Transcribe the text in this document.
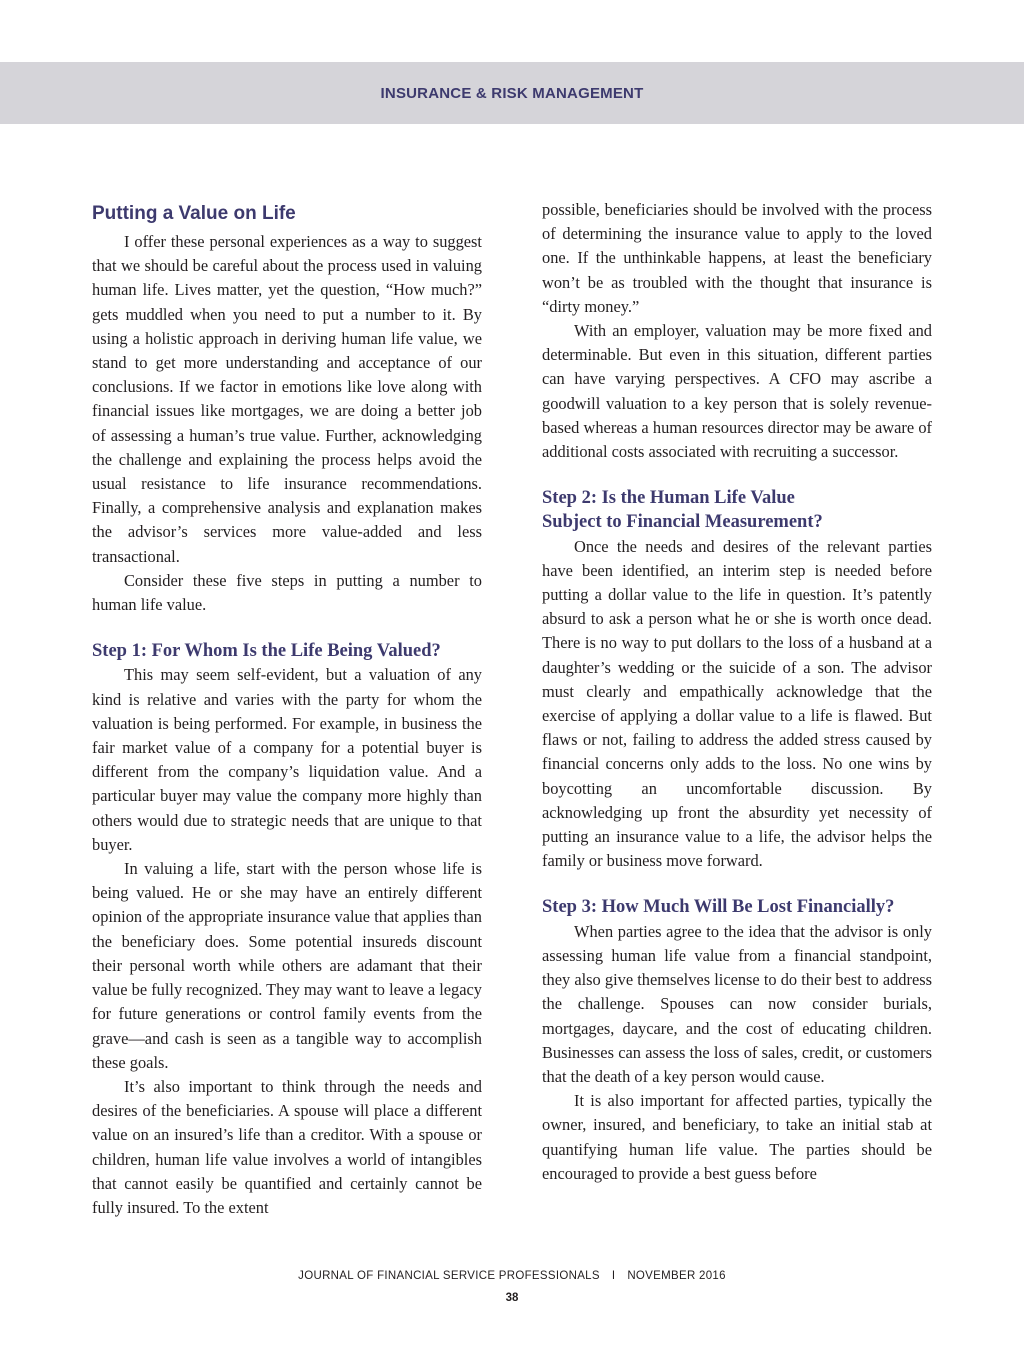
INSURANCE & RISK MANAGEMENT
Putting a Value on Life

I offer these personal experiences as a way to suggest that we should be careful about the process used in valuing human life. Lives matter, yet the question, “How much?” gets muddled when you need to put a number to it. By using a holistic approach in deriving human life value, we stand to get more understanding and acceptance of our conclusions. If we factor in emotions like love along with financial issues like mortgages, we are doing a better job of assessing a human’s true value. Further, acknowledging the challenge and explaining the process helps avoid the usual resistance to life insurance recommendations. Finally, a comprehensive analysis and explanation makes the advisor’s services more value-added and less transactional.

Consider these five steps in putting a number to human life value.

Step 1: For Whom Is the Life Being Valued?

This may seem self-evident, but a valuation of any kind is relative and varies with the party for whom the valuation is being performed. For example, in business the fair market value of a company for a potential buyer is different from the company’s liquidation value. And a particular buyer may value the company more highly than others would due to strategic needs that are unique to that buyer.

In valuing a life, start with the person whose life is being valued. He or she may have an entirely different opinion of the appropriate insurance value that applies than the beneficiary does. Some potential insureds discount their personal worth while others are adamant that their value be fully recognized. They may want to leave a legacy for future generations or control family events from the grave—and cash is seen as a tangible way to accomplish these goals.

It’s also important to think through the needs and desires of the beneficiaries. A spouse will place a different value on an insured’s life than a creditor. With a spouse or children, human life value involves a world of intangibles that cannot easily be quantified and certainly cannot be fully insured. To the extent

possible, beneficiaries should be involved with the process of determining the insurance value to apply to the loved one. If the unthinkable happens, at least the beneficiary won’t be as troubled with the thought that insurance is “dirty money.”

With an employer, valuation may be more fixed and determinable. But even in this situation, different parties can have varying perspectives. A CFO may ascribe a goodwill valuation to a key person that is solely revenue-based whereas a human resources director may be aware of additional costs associated with recruiting a successor.

Step 2: Is the Human Life Value
Subject to Financial Measurement?

Once the needs and desires of the relevant parties have been identified, an interim step is needed before putting a dollar value to the life in question. It’s patently absurd to ask a person what he or she is worth once dead. There is no way to put dollars to the loss of a husband at a daughter’s wedding or the suicide of a son. The advisor must clearly and empathically acknowledge that the exercise of applying a dollar value to a life is flawed. But flaws or not, failing to address the added stress caused by financial concerns only adds to the loss. No one wins by boycotting an uncomfortable discussion. By acknowledging up front the absurdity yet necessity of putting an insurance value to a life, the advisor helps the family or business move forward.

Step 3: How Much Will Be Lost Financially?

When parties agree to the idea that the advisor is only assessing human life value from a financial standpoint, they also give themselves license to do their best to address the challenge. Spouses can now consider burials, mortgages, daycare, and the cost of educating children. Businesses can assess the loss of sales, credit, or customers that the death of a key person would cause.

It is also important for affected parties, typically the owner, insured, and beneficiary, to take an initial stab at quantifying human life value. The parties should be encouraged to provide a best guess before

JOURNAL OF FINANCIAL SERVICE PROFESSIONALS I NOVEMBER 2016
38
